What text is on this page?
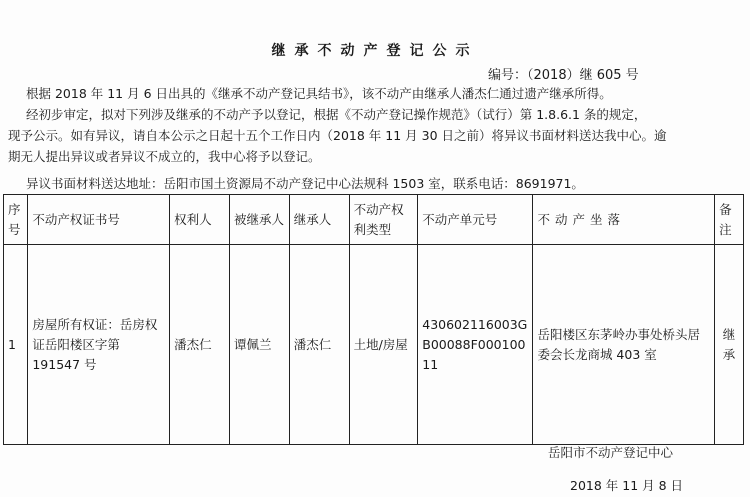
继承不动产登记公示
编号：（2018）继 605 号
根据 2018 年 11 月 6 日出具的《继承不动产登记具结书》，该不动产由继承人潘杰仁通过遗产继承所得。
经初步审定，拟对下列涉及继承的不动产予以登记，根据《不动产登记操作规范》（试行）第 1.8.6.1 条的规定，
现予公示。如有异议，请自本公示之日起十五个工作日内（2018 年 11 月 30 日之前）将异议书面材料送达我中心。逾
期无人提出异议或者异议不成立的，我中心将予以登记。
异议书面材料送达地址：岳阳市国土资源局不动产登记中心法规科 1503 室，联系电话：8691971。
序号	不动产权证书号	权利人	被继承人	继承人	不动产权利类型	不动产单元号	不动产坐落	备注
1	房屋所有权证：岳房权证岳阳楼区字第 191547 号	潘杰仁	谭佩兰	潘杰仁	土地/房屋	430602116003GB00088F00010011	岳阳楼区东茅岭办事处桥头居委会长龙商城 403 室	继承
岳阳市不动产登记中心
2018 年 11 月 8 日
